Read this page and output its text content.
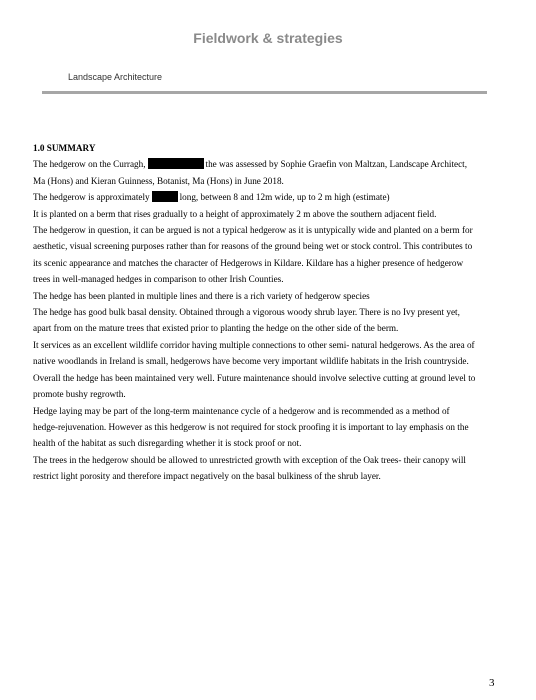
Fieldwork & strategies
Landscape Architecture

1.0 SUMMARY

The hedgerow on the Curragh,	the was assessed by Sophie Graefin von Maltzan, Landscape Architect,

Ma (Hons) and Kieran Guinness, Botanist, Ma (Hons) in June 2018.

The hedgerow is approximately	long, between 8 and 12m wide, up to 2 m high (estimate)

It is planted on a berm that rises gradually to a height of approximately 2 m above the southern adjacent field.

The hedgerow in question, it can be argued is not a typical hedgerow as it is untypically wide and planted on a berm for

aesthetic, visual screening purposes rather than for reasons of the ground being wet or stock control. This contributes to

its scenic appearance and matches the character of Hedgerows in Kildare. Kildare has a higher presence of hedgerow

trees in well-managed hedges in comparison to other Irish Counties.

The hedge has been planted in multiple lines and there is a rich variety of hedgerow species

The hedge has good bulk basal density. Obtained through a vigorous woody shrub layer. There is no Ivy present yet,

apart from on the mature trees that existed prior to planting the hedge on the other side of the berm.

It services as an excellent wildlife corridor having multiple connections to other semi- natural hedgerows. As the area of

native woodlands in Ireland is small, hedgerows have become very important wildlife habitats in the Irish countryside.

Overall the hedge has been maintained very well. Future maintenance should involve selective cutting at ground level to

promote bushy regrowth.

Hedge laying may be part of the long-term maintenance cycle of a hedgerow and is recommended as a method of

hedge-rejuvenation. However as this hedgerow is not required for stock proofing it is important to lay emphasis on the

health of the habitat as such disregarding whether it is stock proof or not.

The trees in the hedgerow should be allowed to unrestricted growth with exception of the Oak trees- their canopy will

restrict light porosity and therefore impact negatively on the basal bulkiness of the shrub layer.

3
